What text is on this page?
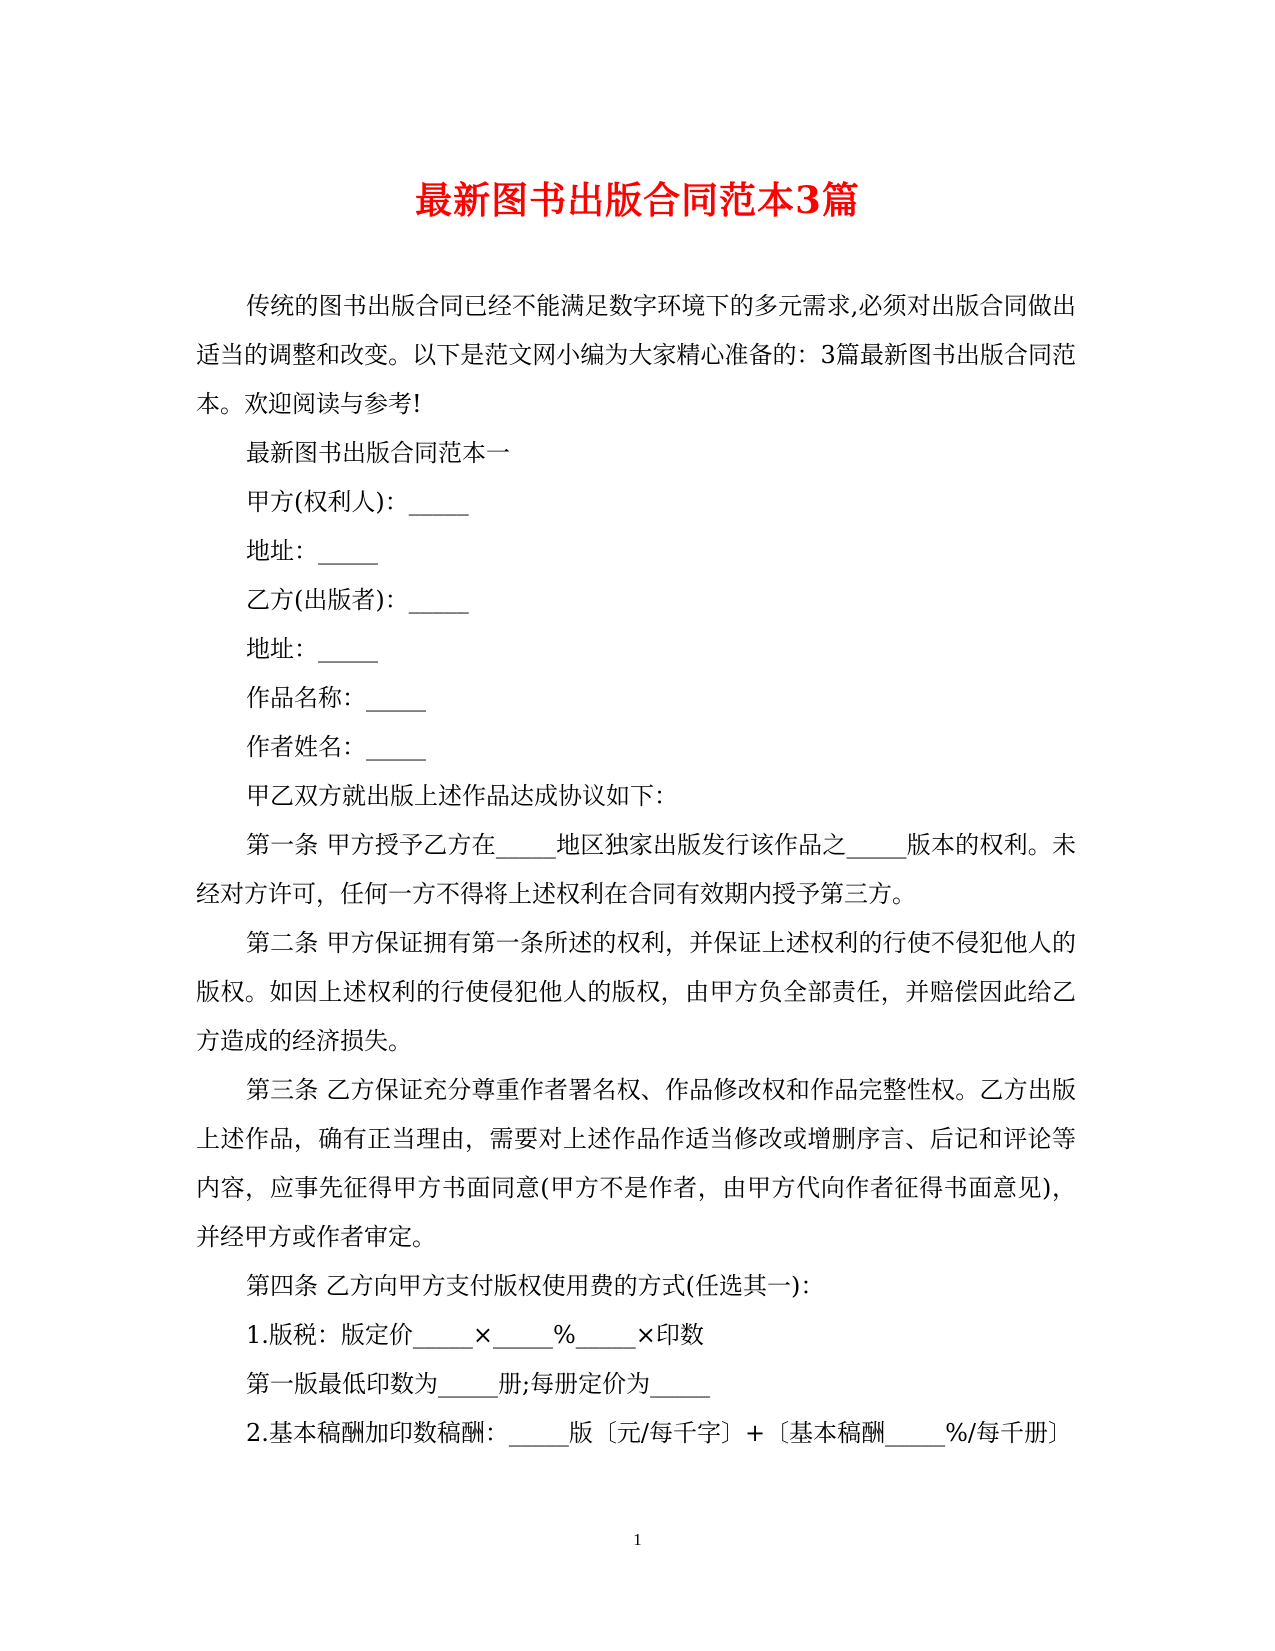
最新图书出版合同范本3篇

传统的图书出版合同已经不能满足数字环境下的多元需求,必须对出版合同做出适当的调整和改变。以下是范文网小编为大家精心准备的：3篇最新图书出版合同范本。欢迎阅读与参考!

最新图书出版合同范本一

甲方(权利人)：_____

地址：_____

乙方(出版者)：_____

地址：_____

作品名称：_____

作者姓名：_____

甲乙双方就出版上述作品达成协议如下：

第一条 甲方授予乙方在_____地区独家出版发行该作品之_____版本的权利。未经对方许可，任何一方不得将上述权利在合同有效期内授予第三方。

第二条 甲方保证拥有第一条所述的权利，并保证上述权利的行使不侵犯他人的版权。如因上述权利的行使侵犯他人的版权，由甲方负全部责任，并赔偿因此给乙方造成的经济损失。

第三条 乙方保证充分尊重作者署名权、作品修改权和作品完整性权。乙方出版上述作品，确有正当理由，需要对上述作品作适当修改或增删序言、后记和评论等内容，应事先征得甲方书面同意(甲方不是作者，由甲方代向作者征得书面意见)，并经甲方或作者审定。

第四条 乙方向甲方支付版权使用费的方式(任选其一)：

1.版税：版定价_____×_____%_____×印数

第一版最低印数为_____册;每册定价为_____

2.基本稿酬加印数稿酬：_____版〔元/每千字〕+〔基本稿酬_____%/每千册〕

1
